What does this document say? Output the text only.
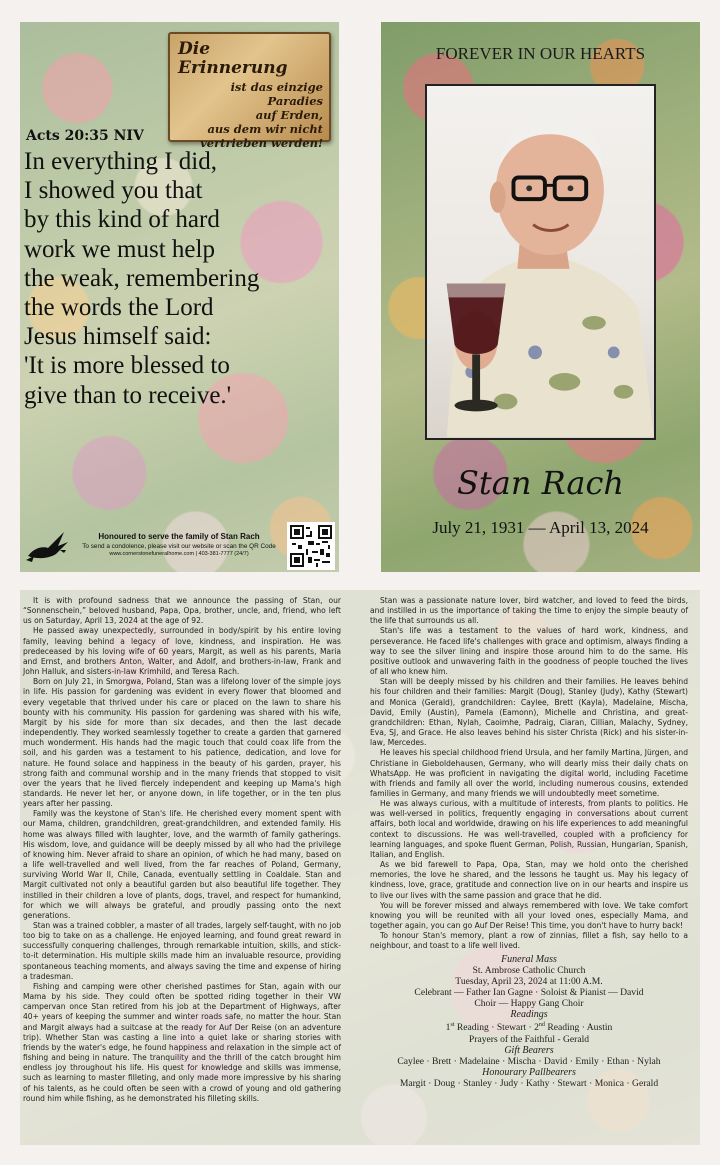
Die Erinnerung
ist das einzige Paradies
auf Erden,
aus dem wir nicht
vertrieben werden!
Acts 20:35 NIV
In everything I did,
I showed you that
by this kind of hard
work we must help
the weak, remembering
the words the Lord
Jesus himself said:
'It is more blessed to
give than to receive.'
Honoured to serve the family of Stan Rach
To send a condolence, please visit our website or scan the QR Code
www.cornerstonefuneralhome.com | 403-381-7777 (24/7)
FOREVER IN OUR HEARTS
Stan Rach
July 21, 1931 — April 13, 2024

It is with profound sadness that we announce the passing of Stan, our “Sonnenschein,” beloved husband, Papa, Opa, brother, uncle, and, friend, who left us on Saturday, April 13, 2024 at the age of 92.

He passed away unexpectedly, surrounded in body/spirit by his entire loving family, leaving behind a legacy of love, kindness, and inspiration. He was predeceased by his loving wife of 60 years, Margit, as well as his parents, Maria and Ernst, and brothers Anton, Walter, and Adolf, and brothers-in-law, Frank and John Halluk, and sisters-in-law Krimhild, and Teresa Rach.

Born on July 21, in Smorgwa, Poland, Stan was a lifelong lover of the simple joys in life. His passion for gardening was evident in every flower that bloomed and every vegetable that thrived under his care or placed on the lawn to share his bounty with his community. His passion for gardening was shared with his wife, Margit by his side for more than six decades, and then the last decade independently. They worked seamlessly together to create a garden that garnered much wonderment. His hands had the magic touch that could coax life from the soil, and his garden was a testament to his patience, dedication, and love for nature. He found solace and happiness in the beauty of his garden, prayer, his strong faith and communal worship and in the many friends that stopped to visit over the years that he lived fiercely independent and keeping up Mama's high standards. He never let her, or anyone down, in life together, or in the ten plus years after her passing.

Family was the keystone of Stan's life. He cherished every moment spent with our Mama, children, grandchildren, great-grandchildren, and extended family. His home was always filled with laughter, love, and the warmth of family gatherings. His wisdom, love, and guidance will be deeply missed by all who had the privilege of knowing him. Never afraid to share an opinion, of which he had many, based on a life well-travelled and well lived, from the far reaches of Poland, Germany, surviving World War II, Chile, Canada, eventually settling in Coaldale. Stan and Margit cultivated not only a beautiful garden but also beautiful life together. They instilled in their children a love of plants, dogs, travel, and respect for humankind, for which we will always be grateful, and proudly passing onto the next generations.

Stan was a trained cobbler, a master of all trades, largely self-taught, with no job too big to take on as a challenge. He enjoyed learning, and found great reward in successfully conquering challenges, through remarkable intuition, skills, and stick-to-it determination. His multiple skills made him an invaluable resource, providing spontaneous teaching moments, and always saving the time and expense of hiring a tradesman.

Fishing and camping were other cherished pastimes for Stan, again with our Mama by his side. They could often be spotted riding together in their VW campervan once Stan retired from his job at the Department of Highways, after 40+ years of keeping the summer and winter roads safe, no matter the hour. Stan and Margit always had a suitcase at the ready for Auf Der Reise (on an adventure trip). Whether Stan was casting a line into a quiet lake or sharing stories with friends by the water's edge, he found happiness and relaxation in the simple act of fishing and being in nature. The tranquility and the thrill of the catch brought him endless joy throughout his life. His quest for knowledge and skills was immense, such as learning to master filleting, and only made more impressive by his sharing of his talents, as he could often be seen with a crowd of young and old gathering round him while fishing, as he demonstrated his filleting skills.

Stan was a passionate nature lover, bird watcher, and loved to feed the birds, and instilled in us the importance of taking the time to enjoy the simple beauty of the life that surrounds us all.

Stan's life was a testament to the values of hard work, kindness, and perseverance. He faced life's challenges with grace and optimism, always finding a way to see the silver lining and inspire those around him to do the same. His positive outlook and unwavering faith in the goodness of people touched the lives of all who knew him.

Stan will be deeply missed by his children and their families. He leaves behind his four children and their families: Margit (Doug), Stanley (Judy), Kathy (Stewart) and Monica (Gerald), grandchildren: Caylee, Brett (Kayla), Madelaine, Mischa, David, Emily (Austin), Pamela (Eamonn), Michelle and Christina, and great-grandchildren: Ethan, Nylah, Caoimhe, Padraig, Ciaran, Cillian, Malachy, Sydney, Eva, SJ, and Grace. He also leaves behind his sister Christa (Rick) and his sister-in-law, Mercedes.

He leaves his special childhood friend Ursula, and her family Martina, Jürgen, and Christiane in Gieboldehausen, Germany, who will dearly miss their daily chats on WhatsApp. He was proficient in navigating the digital world, including Facetime with friends and family all over the world, including numerous cousins, extended families in Germany, and many friends we will undoubtedly meet sometime.

He was always curious, with a multitude of interests, from plants to politics. He was well-versed in politics, frequently engaging in conversations about current affairs, both local and worldwide, drawing on his life experiences to add meaningful context to discussions. He was well-travelled, coupled with a proficiency for learning languages, and spoke fluent German, Polish, Russian, Hungarian, Spanish, Italian, and English.

As we bid farewell to Papa, Opa, Stan, may we hold onto the cherished memories, the love he shared, and the lessons he taught us. May his legacy of kindness, love, grace, gratitude and connection live on in our hearts and inspire us to live our lives with the same passion and grace that he did.

You will be forever missed and always remembered with love. We take comfort knowing you will be reunited with all your loved ones, especially Mama, and together again, you can go Auf Der Reise! This time, you don't have to hurry back!

To honour Stan's memory, plant a row of zinnias, fillet a fish, say hello to a neighbour, and toast to a life well lived.

Funeral Mass
St. Ambrose Catholic Church
Tuesday, April 23, 2024 at 11:00 A.M.
Celebrant — Father Ian Gagne · Soloist & Pianist — David
Choir — Happy Gang Choir
Readings
1st Reading · Stewart · 2nd Reading · Austin
Prayers of the Faithful - Gerald
Gift Bearers
Caylee · Brett · Madelaine · Mischa · David · Emily · Ethan · Nylah
Honourary Pallbearers
Margit · Doug · Stanley · Judy · Kathy · Stewart · Monica · Gerald
